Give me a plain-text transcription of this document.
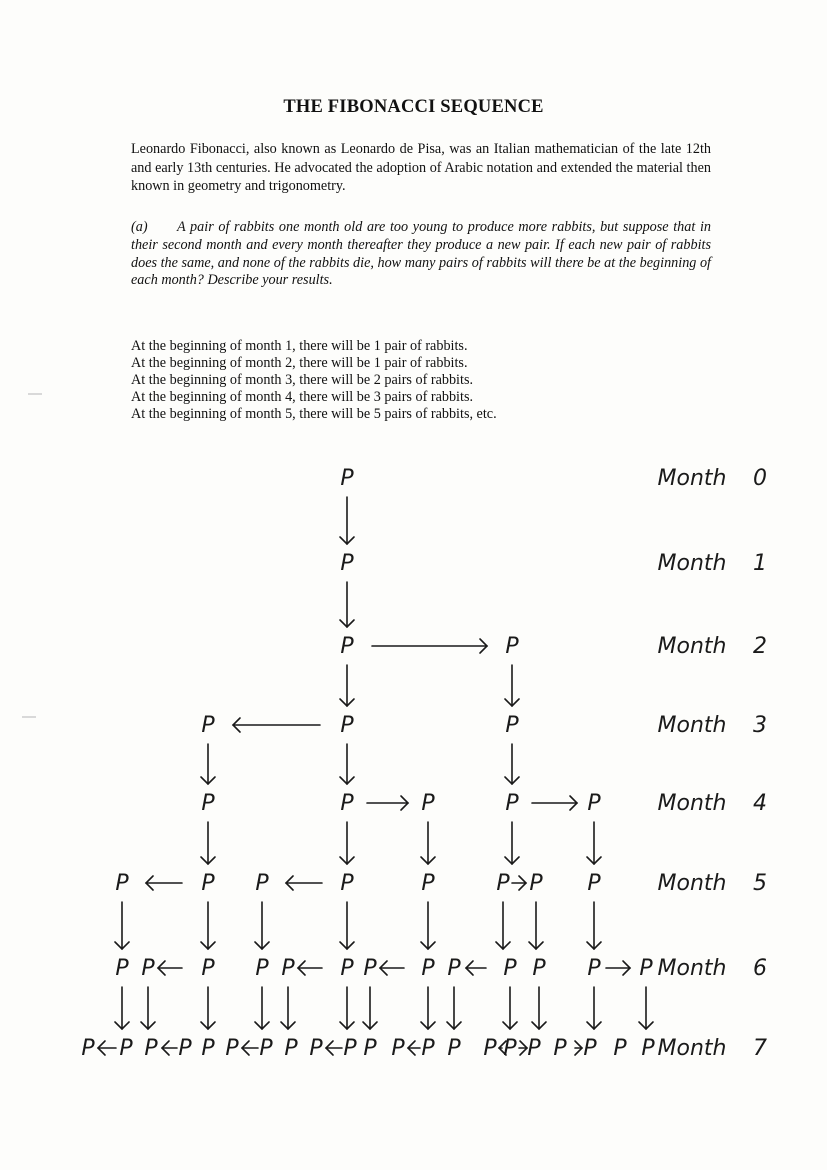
THE FIBONACCI SEQUENCE
Leonardo Fibonacci, also known as Leonardo de Pisa, was an Italian mathematician of the late 12th and early 13th centuries. He advocated the adoption of Arabic notation and extended the material then known in geometry and trigonometry.
(a) A pair of rabbits one month old are too young to produce more rabbits, but suppose that in their second month and every month thereafter they produce a new pair. If each new pair of rabbits does the same, and none of the rabbits die, how many pairs of rabbits will there be at the beginning of each month? Describe your results.
At the beginning of month 1, there will be 1 pair of rabbits.
At the beginning of month 2, there will be 1 pair of rabbits.
At the beginning of month 3, there will be 2 pairs of rabbits.
At the beginning of month 4, there will be 3 pairs of rabbits.
At the beginning of month 5, there will be 5 pairs of rabbits, etc.
P
P
P	P
P	P	P
P	P	P	P	P
P	P P	P	P	P P P
P P P P P P P P P P P P P
P P P P P P P P P P P P P P P P P P P P P
Month 0
Month 1
Month 2
Month 3
Month 4
Month 5
Month 6
Month 7
